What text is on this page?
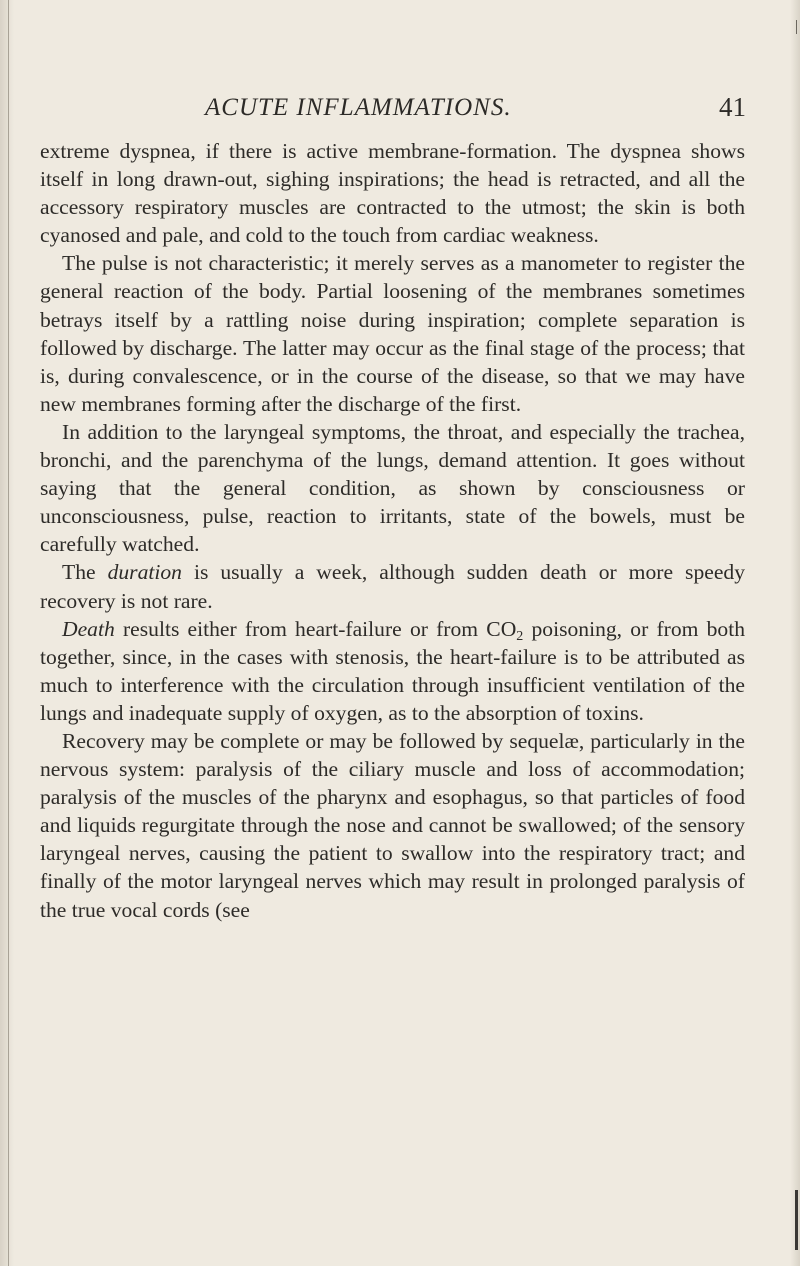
ACUTE INFLAMMATIONS.	41

extreme dyspnea, if there is active membrane-formation. The dyspnea shows itself in long drawn-out, sighing inspirations; the head is retracted, and all the accessory respiratory muscles are contracted to the utmost; the skin is both cyanosed and pale, and cold to the touch from cardiac weakness.

The pulse is not characteristic; it merely serves as a manometer to register the general reaction of the body. Partial loosening of the membranes sometimes betrays itself by a rattling noise during inspiration; complete separation is followed by discharge. The latter may occur as the final stage of the process; that is, during convalescence, or in the course of the disease, so that we may have new membranes forming after the discharge of the first.

In addition to the laryngeal symptoms, the throat, and especially the trachea, bronchi, and the parenchyma of the lungs, demand attention. It goes without saying that the general condition, as shown by consciousness or unconsciousness, pulse, reaction to irritants, state of the bowels, must be carefully watched.

The duration is usually a week, although sudden death or more speedy recovery is not rare.

Death results either from heart-failure or from $CO_2$ poisoning, or from both together, since, in the cases with stenosis, the heart-failure is to be attributed as much to interference with the circulation through insufficient ventilation of the lungs and inadequate supply of oxygen, as to the absorption of toxins.

Recovery may be complete or may be followed by sequelæ, particularly in the nervous system: paralysis of the ciliary muscle and loss of accommodation; paralysis of the muscles of the pharynx and esophagus, so that particles of food and liquids regurgitate through the nose and cannot be swallowed; of the sensory laryngeal nerves, causing the patient to swallow into the respiratory tract; and finally of the motor laryngeal nerves which may result in prolonged paralysis of the true vocal cords (see
